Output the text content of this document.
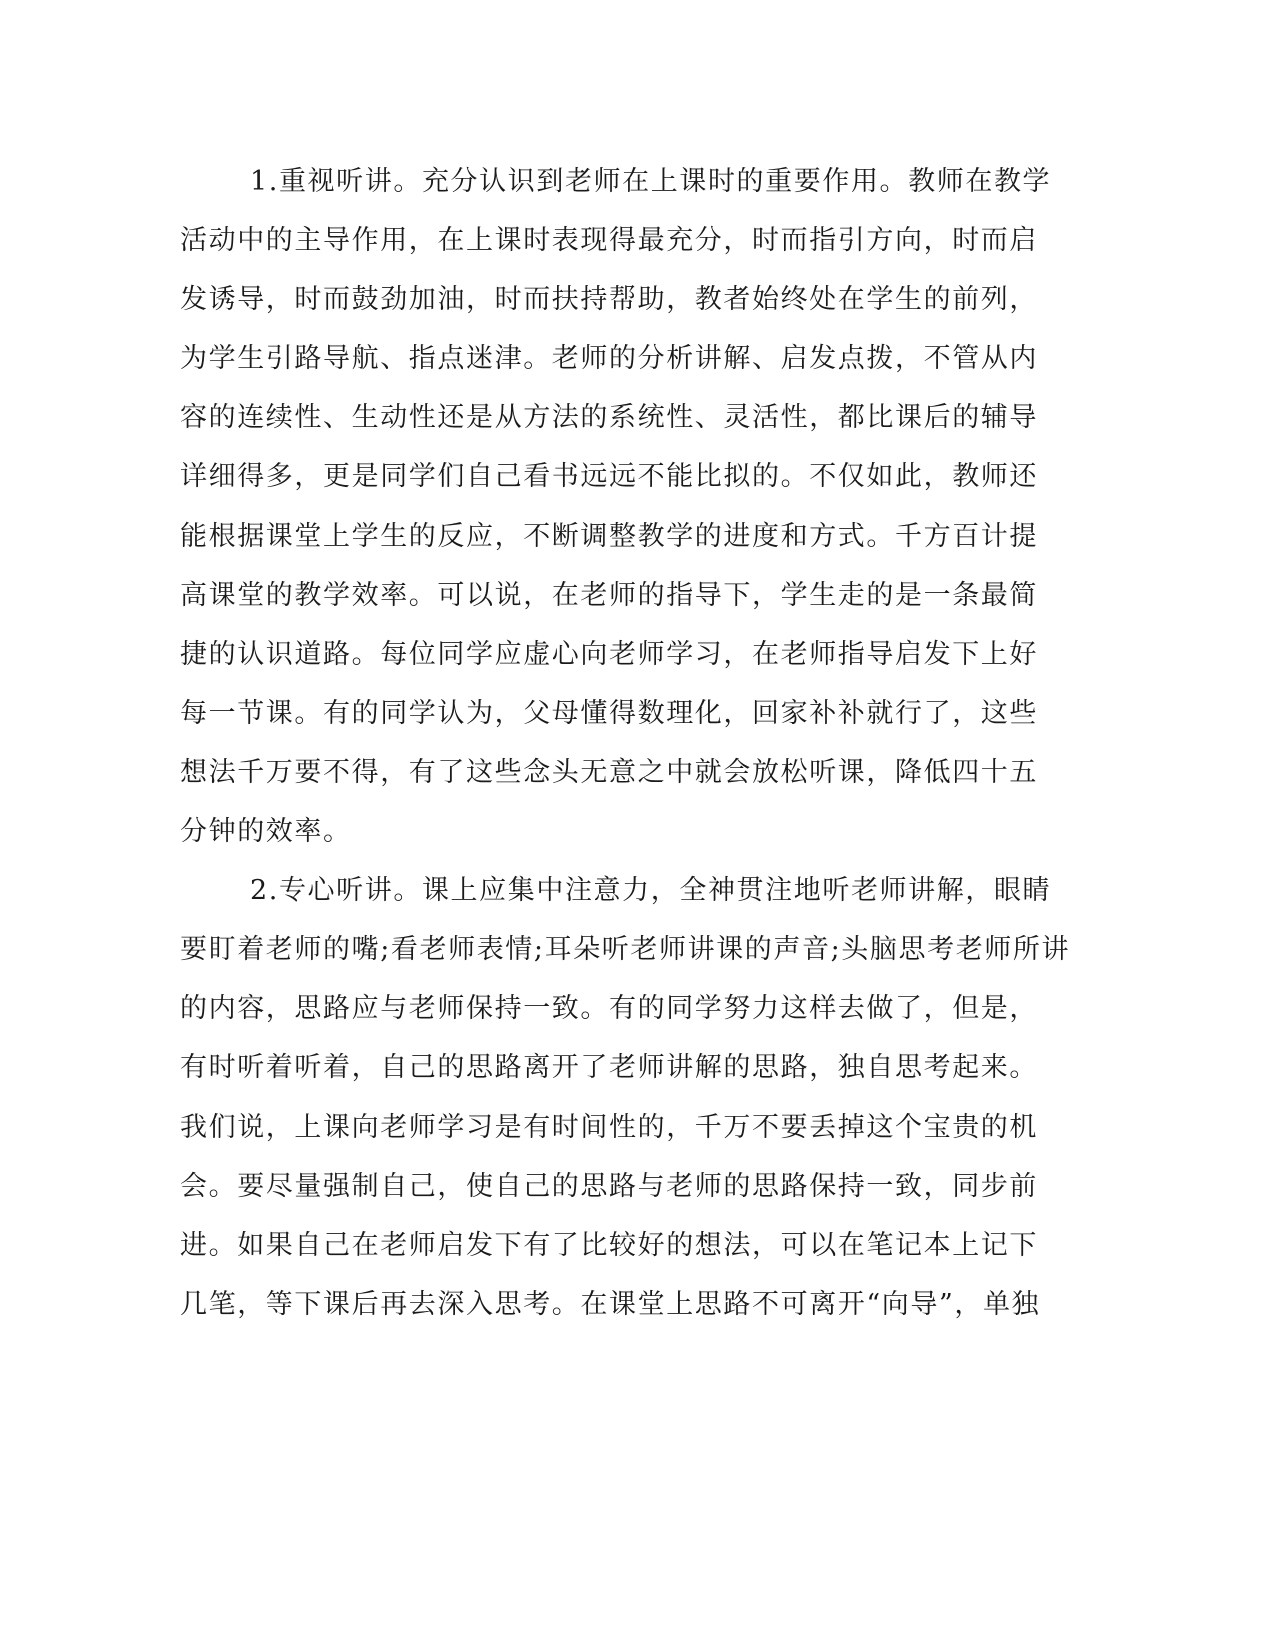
1.重视听讲。充分认识到老师在上课时的重要作用。教师在教学
活动中的主导作用，在上课时表现得最充分，时而指引方向，时而启
发诱导，时而鼓劲加油，时而扶持帮助，教者始终处在学生的前列，
为学生引路导航、指点迷津。老师的分析讲解、启发点拨，不管从内
容的连续性、生动性还是从方法的系统性、灵活性，都比课后的辅导
详细得多，更是同学们自己看书远远不能比拟的。不仅如此，教师还
能根据课堂上学生的反应，不断调整教学的进度和方式。千方百计提
高课堂的教学效率。可以说，在老师的指导下，学生走的是一条最简
捷的认识道路。每位同学应虚心向老师学习，在老师指导启发下上好
每一节课。有的同学认为，父母懂得数理化，回家补补就行了，这些
想法千万要不得，有了这些念头无意之中就会放松听课，降低四十五
分钟的效率。
2.专心听讲。课上应集中注意力，全神贯注地听老师讲解，眼睛
要盯着老师的嘴;看老师表情;耳朵听老师讲课的声音;头脑思考老师所讲
的内容，思路应与老师保持一致。有的同学努力这样去做了，但是，
有时听着听着，自己的思路离开了老师讲解的思路，独自思考起来。
我们说，上课向老师学习是有时间性的，千万不要丢掉这个宝贵的机
会。要尽量强制自己，使自己的思路与老师的思路保持一致，同步前
进。如果自己在老师启发下有了比较好的想法，可以在笔记本上记下
几笔，等下课后再去深入思考。在课堂上思路不可离开“向导”，单独
